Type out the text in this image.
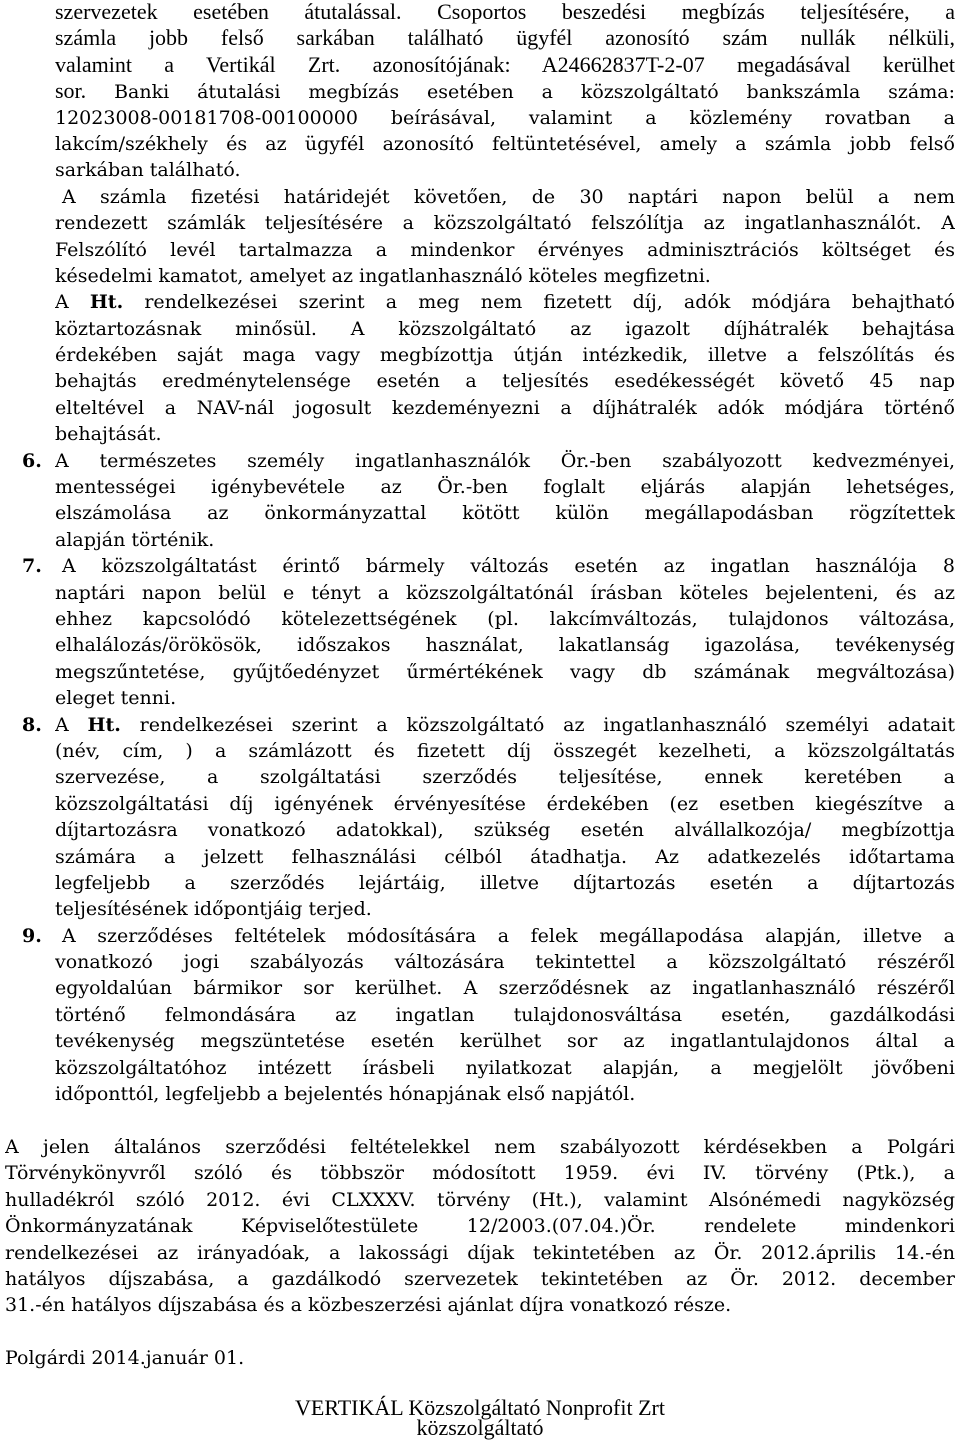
szervezetek esetében átutalással. Csoportos beszedési megbízás teljesítésére, a
számla jobb felső sarkában található ügyfél azonosító szám nullák nélküli,
valamint a Vertikál Zrt. azonosítójának: A24662837T-2-07 megadásával kerülhet
sor. Banki átutalási megbízás esetében a közszolgáltató bankszámla száma:
12023008-00181708-00100000 beírásával, valamint a közlemény rovatban a
lakcím/székhely és az ügyfél azonosító feltüntetésével, amely a számla jobb felső
sarkában található.
A számla fizetési határidejét követően, de 30 naptári napon belül a nem
rendezett számlák teljesítésére a közszolgáltató felszólítja az ingatlanhasználót. A
Felszólító levél tartalmazza a mindenkor érvényes adminisztrációs költséget és
késedelmi kamatot, amelyet az ingatlanhasználó köteles megfizetni.
A Ht. rendelkezései szerint a meg nem fizetett díj, adók módjára behajtható
köztartozásnak minősül. A közszolgáltató az igazolt díjhátralék behajtása
érdekében saját maga vagy megbízottja útján intézkedik, illetve a felszólítás és
behajtás eredménytelensége esetén a teljesítés esedékességét követő 45 nap
elteltével a NAV-nál jogosult kezdeményezni a díjhátralék adók módjára történő
behajtását.
6. A természetes személy ingatlanhasználók Ör.-ben szabályozott kedvezményei,
mentességei igénybevétele az Ör.-ben foglalt eljárás alapján lehetséges,
elszámolása az önkormányzattal kötött külön megállapodásban rögzítettek
alapján történik.
7.	A közszolgáltatást érintő bármely változás esetén az ingatlan használója 8
naptári napon belül e tényt a közszolgáltatónál írásban köteles bejelenteni, és az
ehhez kapcsolódó kötelezettségének (pl. lakcímváltozás, tulajdonos változása,
elhalálozás/örökösök, időszakos használat, lakatlanság igazolása, tevékenység
megszűntetése, gyűjtőedényzet űrmértékének vagy db számának megváltozása)
eleget tenni.
8. A Ht. rendelkezései szerint a közszolgáltató az ingatlanhasználó személyi adatait
(név, cím, ) a számlázott és fizetett díj összegét kezelheti, a közszolgáltatás
szervezése, a szolgáltatási szerződés teljesítése, ennek keretében a
közszolgáltatási díj igényének érvényesítése érdekében (ez esetben kiegészítve a
díjtartozásra vonatkozó adatokkal), szükség esetén alvállalkozója/ megbízottja
számára a jelzett felhasználási célból átadhatja. Az adatkezelés időtartama
legfeljebb a szerződés lejártáig, illetve díjtartozás esetén a díjtartozás
teljesítésének időpontjáig terjed.
9.	A szerződéses feltételek módosítására a felek megállapodása alapján, illetve a
vonatkozó jogi szabályozás változására tekintettel a közszolgáltató részéről
egyoldalúan bármikor sor kerülhet. A szerződésnek az ingatlanhasználó részéről
történő felmondására az ingatlan tulajdonosváltása esetén, gazdálkodási
tevékenység megszüntetése esetén kerülhet sor az ingatlantulajdonos által a
közszolgáltatóhoz intézett írásbeli nyilatkozat alapján, a megjelölt jövőbeni
időponttól, legfeljebb a bejelentés hónapjának első napjától.
A jelen általános szerződési feltételekkel nem szabályozott kérdésekben a Polgári
Törvénykönyvről szóló és többször módosított 1959. évi IV. törvény (Ptk.), a
hulladékról szóló 2012. évi CLXXXV. törvény (Ht.), valamint Alsónémedi nagyközség
Önkormányzatának Képviselőtestülete 12/2003.(07.04.)Ör. rendelete mindenkori
rendelkezései az irányadóak, a lakossági díjak tekintetében az Ör. 2012.április 14.-én
hatályos díjszabása, a gazdálkodó szervezetek tekintetében az Ör. 2012. december
31.-én hatályos díjszabása és a közbeszerzési ajánlat díjra vonatkozó része.
Polgárdi 2014.január 01.
VERTIKÁL Közszolgáltató Nonprofit Zrt
közszolgáltató
